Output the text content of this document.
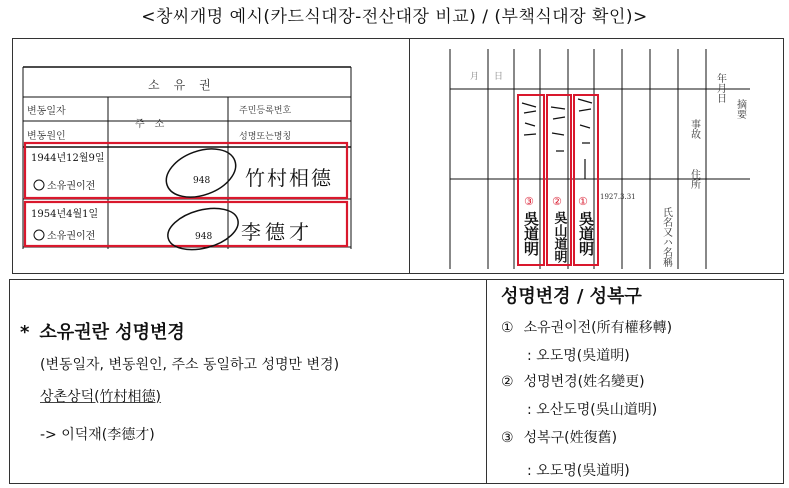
<창씨개명 예시(카드식대장-전산대장 비교) / (부책식대장 확인)>
소유권
변동일자
변동원인
주소
주민등록번호
성명또는명칭
1944년12월9일
소유권이전	948 竹村相德
1954년4월1일
소유권이전	948 李德才
年月日
事故
住所
氏名又ハ名稱
摘要
月 日
1927.3.31
③ ② ①
吳道明 吳山道明 吳道明
* 소유권란 성명변경
(변동일자, 변동원인, 주소 동일하고 성명만 변경)
상촌상덕(竹村相德)
-> 이덕재(李德才)
성명변경 / 성복구
① 소유권이전(所有權移轉)
: 오도명(吳道明)
② 성명변경(姓名變更)
: 오산도명(吳山道明)
③ 성복구(姓復舊)
: 오도명(吳道明)
